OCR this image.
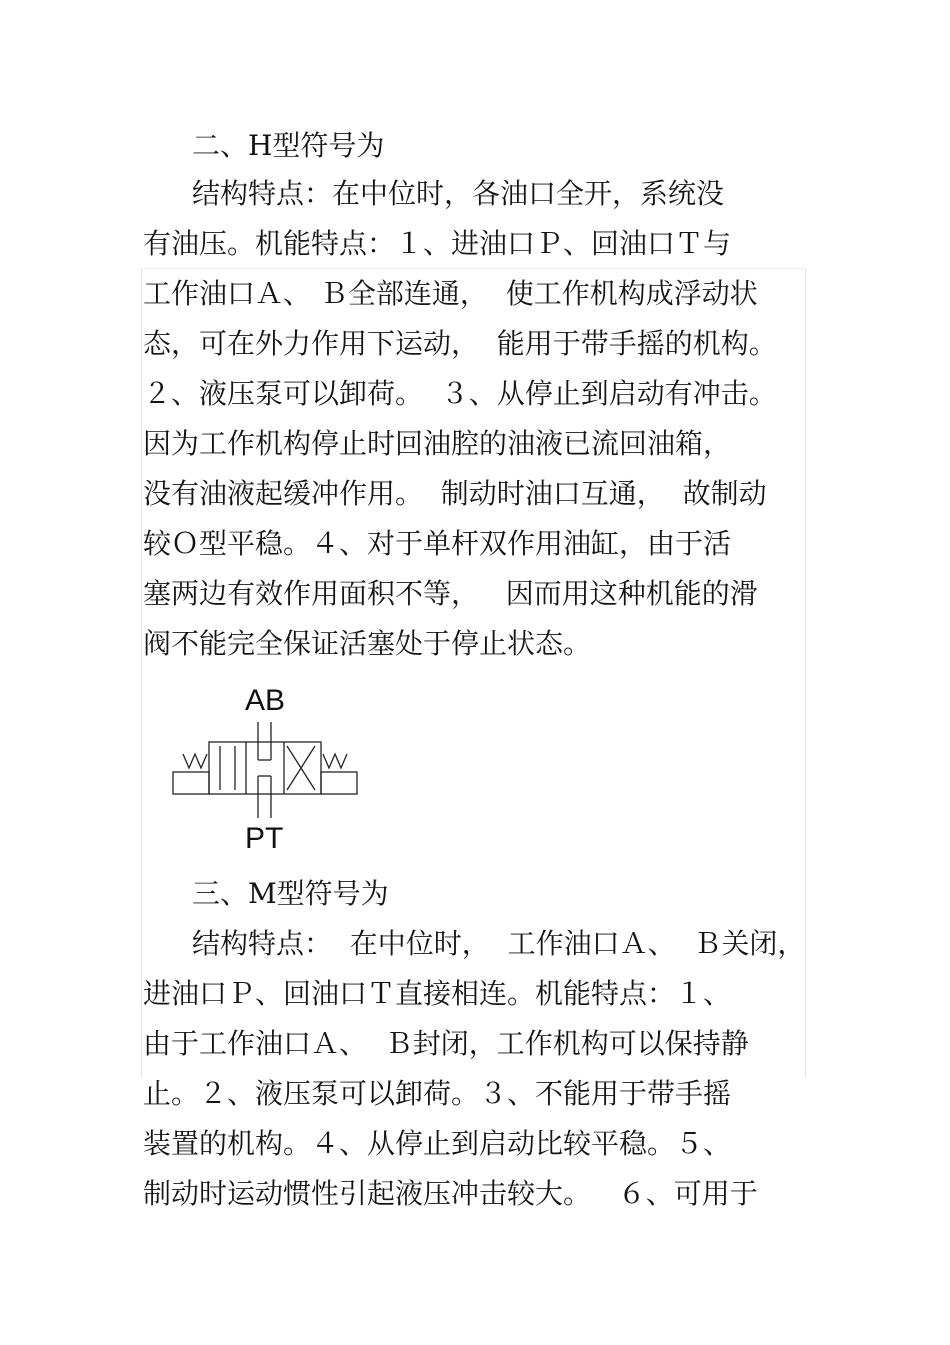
二、H型符号为
结构特点：在中位时，各油口全开，系统没
有油压。机能特点：１、进油口Ｐ、回油口Ｔ与
工作油口Ａ、 Ｂ全部连通，  使工作机构成浮动状
态，可在外力作用下运动，  能用于带手摇的机构。
２、液压泵可以卸荷。  ３、从停止到启动有冲击。
因为工作机构停止时回油腔的油液已流回油箱，
没有油液起缓冲作用。  制动时油口互通，  故制动
较Ｏ型平稳。４、对于单杆双作用油缸，由于活
塞两边有效作用面积不等，   因而用这种机能的滑
阀不能完全保证活塞处于停止状态。
三、M型符号为
结构特点：  在中位时，  工作油口Ａ、  Ｂ关闭，
进油口Ｐ、回油口Ｔ直接相连。机能特点：１、
由于工作油口Ａ、  Ｂ封闭，工作机构可以保持静
止。２、液压泵可以卸荷。３、不能用于带手摇
装置的机构。４、从停止到启动比较平稳。５、
制动时运动惯性引起液压冲击较大。   ６、可用于
AB
PT
